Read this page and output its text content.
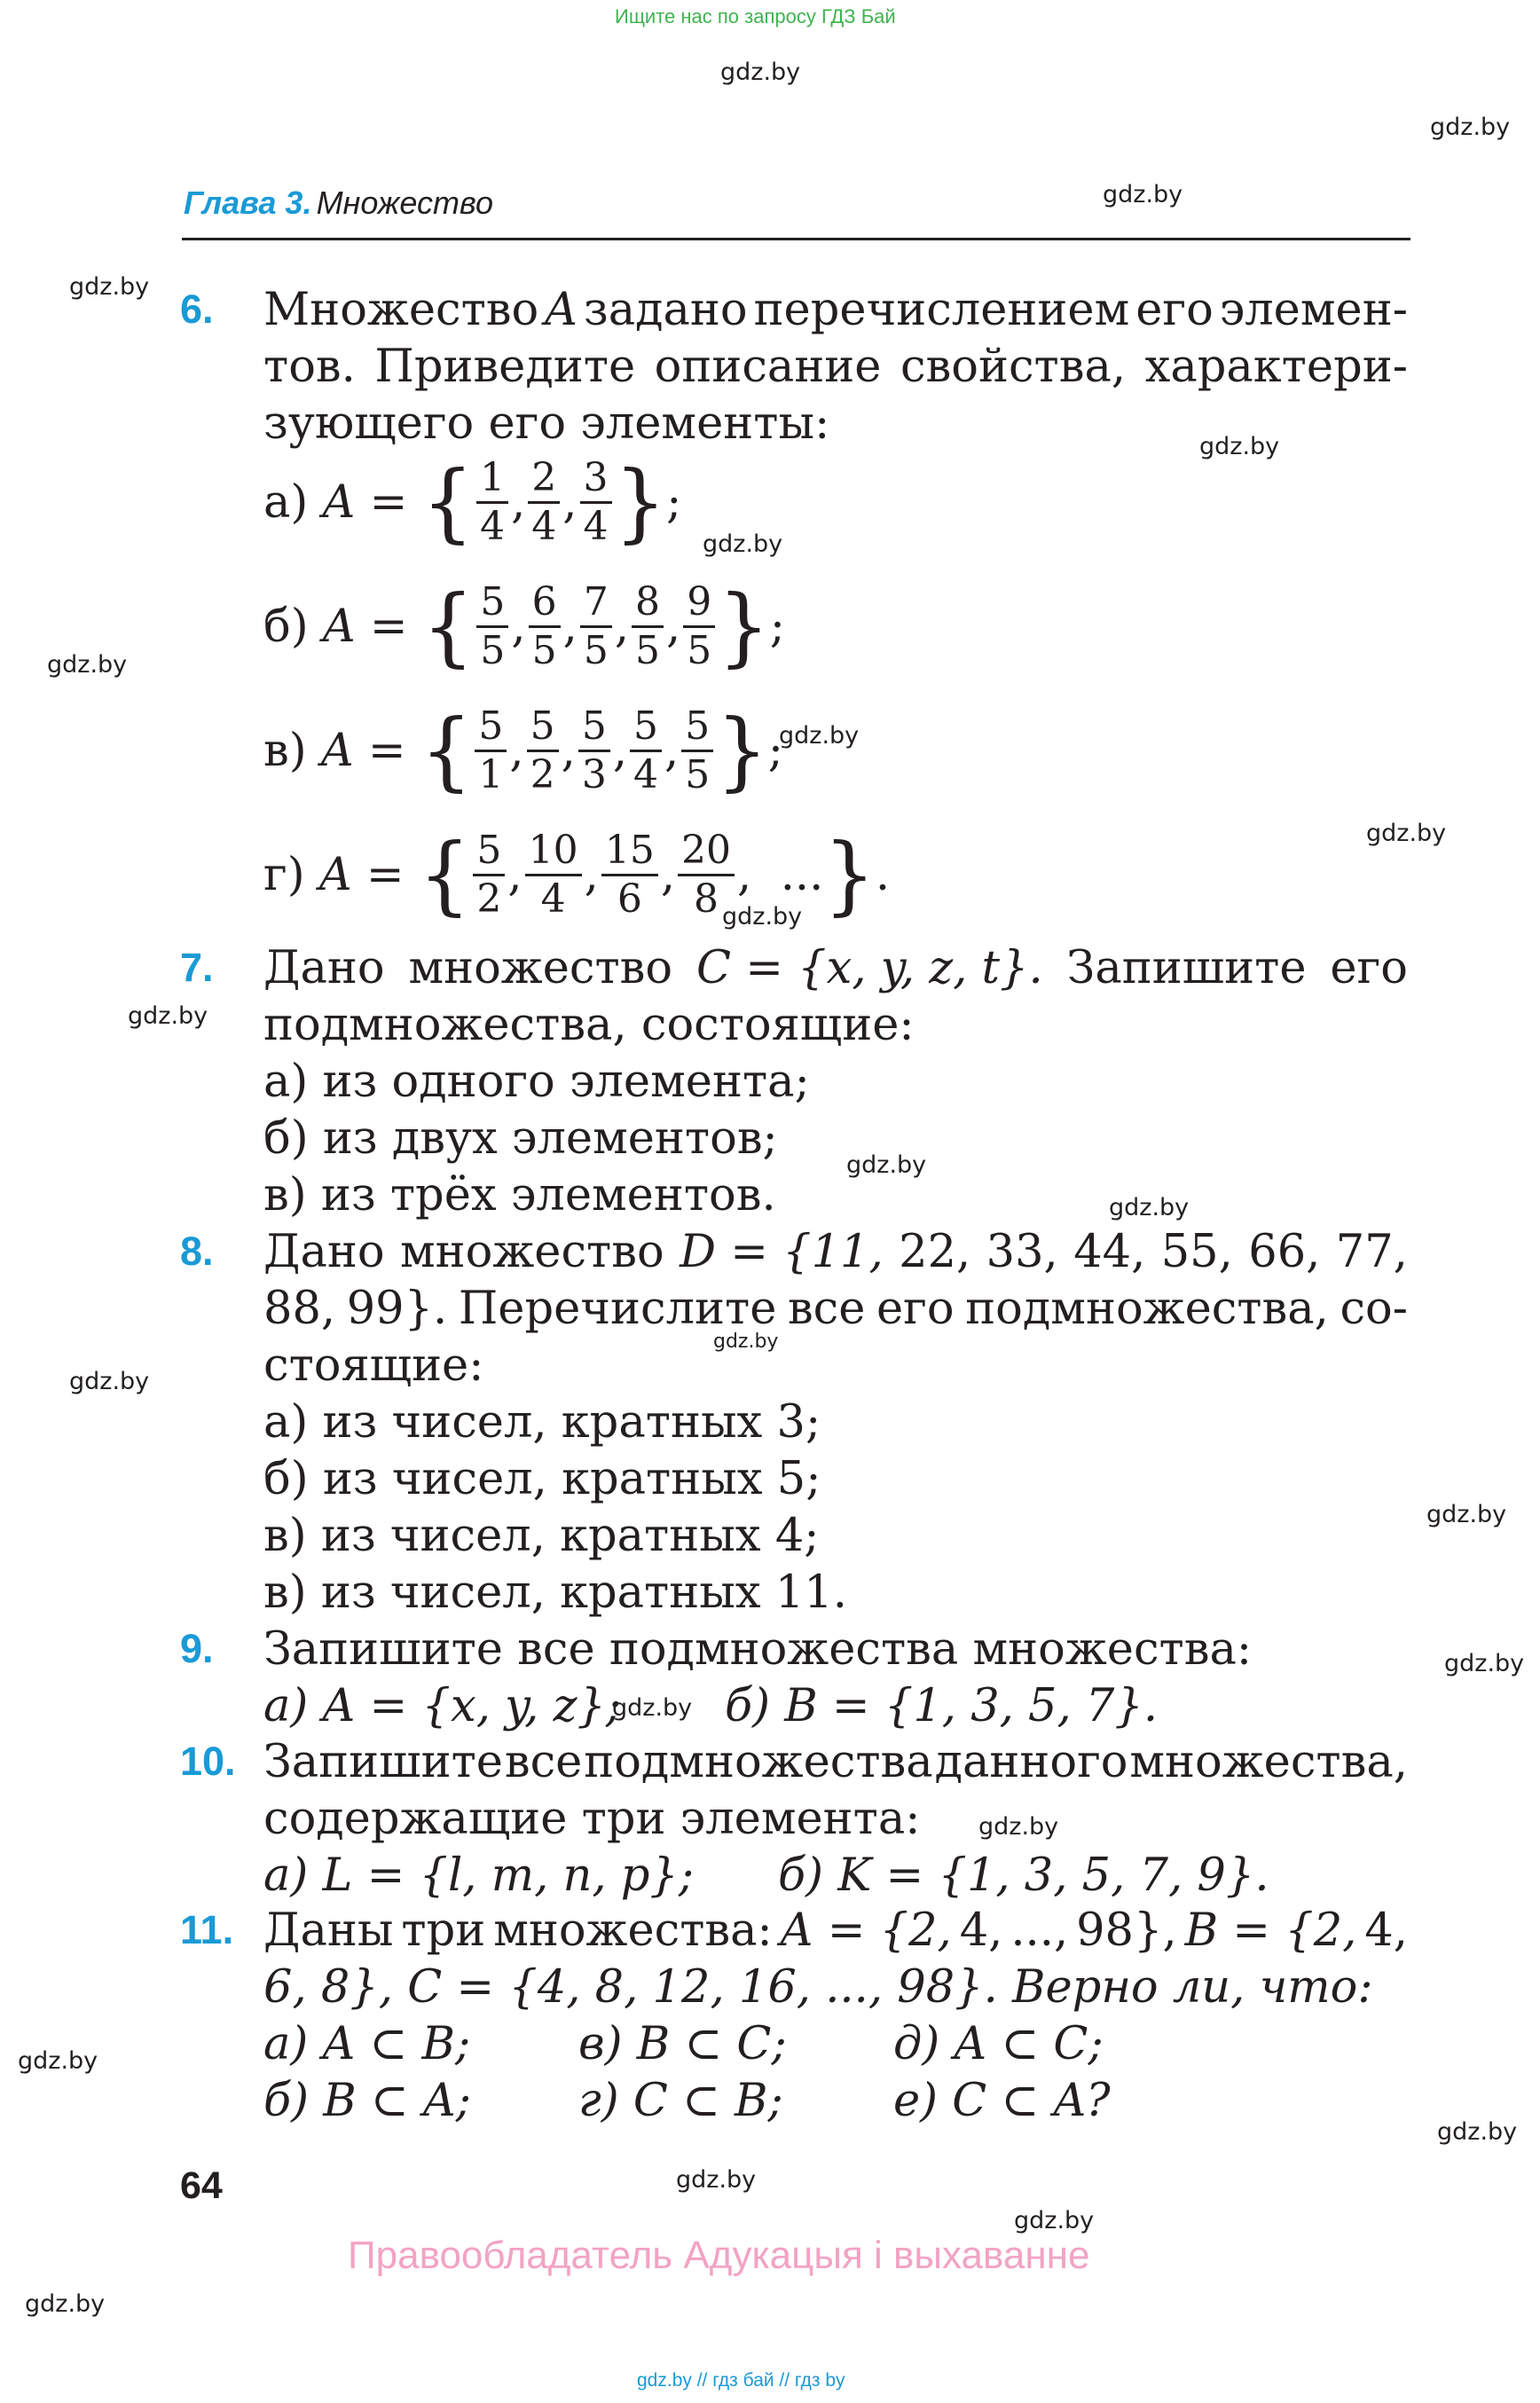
Ищите нас по запросу ГДЗ Бай
gdz.by
gdz.by
gdz.by
gdz.by
gdz.by
gdz.by
gdz.by
gdz.by
gdz.by
gdz.by
gdz.by
gdz.by
gdz.by
gdz.by
gdz.by
gdz.by
gdz.by
gdz.by
gdz.by
gdz.by
gdz.by
gdz.by
gdz.by
gdz.by
Глава 3. Множество
6. Множество A задано перечислением его элемен-
тов. Приведите описание свойства, характери-
зующего его элементы:
а)
A = { $\frac{1}{4}$ , $\frac{2}{4}$ , $\frac{3}{4}$ } ;
б)
A = { $\frac{5}{5}$ , $\frac{6}{5}$ , $\frac{7}{5}$ , $\frac{8}{5}$ , $\frac{9}{5}$ } ;
в)
A = { $\frac{5}{1}$ , $\frac{5}{2}$ , $\frac{5}{3}$ , $\frac{5}{4}$ , $\frac{5}{5}$ } ;
г)
A = { $\frac{5}{2}$ , $\frac{10}{4}$ , $\frac{15}{6}$ , $\frac{20}{8}$ , ... } .
7. Дано множество C = {x, y, z, t}. Запишите его
подмножества, состоящие:
а) из одного элемента;
б) из двух элементов;
в) из трёх элементов.
8. Дано множество D = {11, 22, 33, 44, 55, 66, 77,
88, 99}. Перечислите все его подмножества, со-
стоящие:
а) из чисел, кратных 3;
б) из чисел, кратных 5;
в) из чисел, кратных 4;
в) из чисел, кратных 11.
9. Запишите все подмножества множества:
а) A = {x, y, z}; б) B = {1, 3, 5, 7}.
10. Запишите все подмножества данного множества,
содержащие три элемента:
а) L = {l, m, n, p}; б) K = {1, 3, 5, 7, 9}.
11. Даны три множества: A = {2, 4, ..., 98}, B = {2, 4,
6, 8}, C = {4, 8, 12, 16, ..., 98}. Верно ли, что:
а) A ⊂ B; в) B ⊂ C; д) A ⊂ C;
б) B ⊂ A; г) C ⊂ B; е) C ⊂ A?
64
Правообладатель Адукацыя і выхаванне
gdz.by // гдз бай // гдз by
